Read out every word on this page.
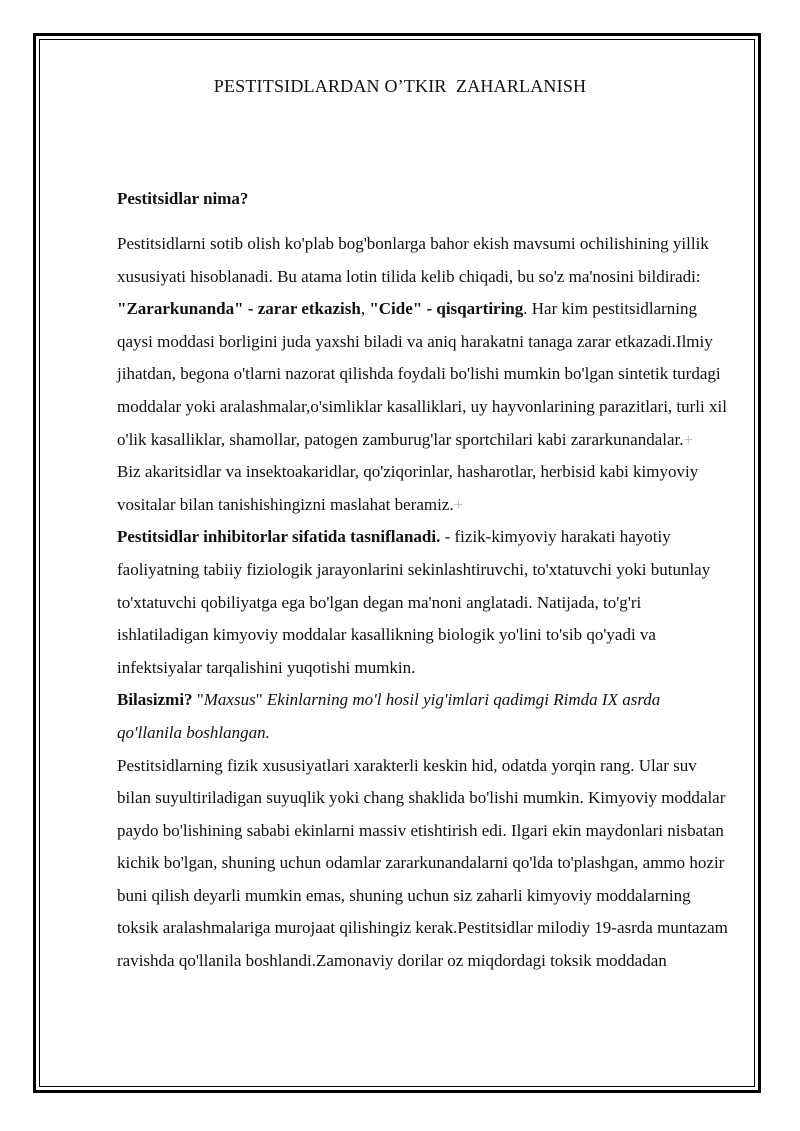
PESTITSIDLARDAN O’TKIR  ZAHARLANISH
Pestitsidlar nima?

Pestitsidlarni sotib olish ko'plab bog'bonlarga bahor ekish mavsumi ochilishining yillik xususiyati hisoblanadi. Bu atama lotin tilida kelib chiqadi, bu so'z ma'nosini bildiradi: "Zararkunanda" - zarar etkazish, "Cide" - qisqartiring. Har kim pestitsidlarning qaysi moddasi borligini juda yaxshi biladi va aniq harakatni tanaga zarar etkazadi.Ilmiy jihatdan, begona o'tlarni nazorat qilishda foydali bo'lishi mumkin bo'lgan sintetik turdagi moddalar yoki aralashmalar,o'simliklar kasalliklari, uy hayvonlarining parazitlari, turli xil o'lik kasalliklar, shamollar, patogen zamburug'lar sportchilari kabi zararkunandalar.+

Biz akaritsidlar va insektoakaridlar, qo'ziqorinlar, hasharotlar, herbisid kabi kimyoviy vositalar bilan tanishishingizni maslahat beramiz.+

Pestitsidlar inhibitorlar sifatida tasniflanadi. - fizik-kimyoviy harakati hayotiy faoliyatning tabiiy fiziologik jarayonlarini sekinlashtiruvchi, to'xtatuvchi yoki butunlay to'xtatuvchi qobiliyatga ega bo'lgan degan ma'noni anglatadi. Natijada, to'g'ri ishlatiladigan kimyoviy moddalar kasallikning biologik yo'lini to'sib qo'yadi va infektsiyalar tarqalishini yuqotishi mumkin.

Bilasizmi? "Maxsus" Ekinlarning mo'l hosil yig'imlari qadimgi Rimda IX asrda qo'llanila boshlangan.

Pestitsidlarning fizik xususiyatlari xarakterli keskin hid, odatda yorqin rang. Ular suv bilan suyultiriladigan suyuqlik yoki chang shaklida bo'lishi mumkin. Kimyoviy moddalar paydo bo'lishining sababi ekinlarni massiv etishtirish edi. Ilgari ekin maydonlari nisbatan kichik bo'lgan, shuning uchun odamlar zararkunandalarni qo'lda to'plashgan, ammo hozir buni qilish deyarli mumkin emas, shuning uchun siz zaharli kimyoviy moddalarning toksik aralashmalariga murojaat qilishingiz kerak.Pestitsidlar milodiy 19-asrda muntazam ravishda qo'llanila boshlandi.Zamonaviy dorilar oz miqdordagi toksik moddadan
